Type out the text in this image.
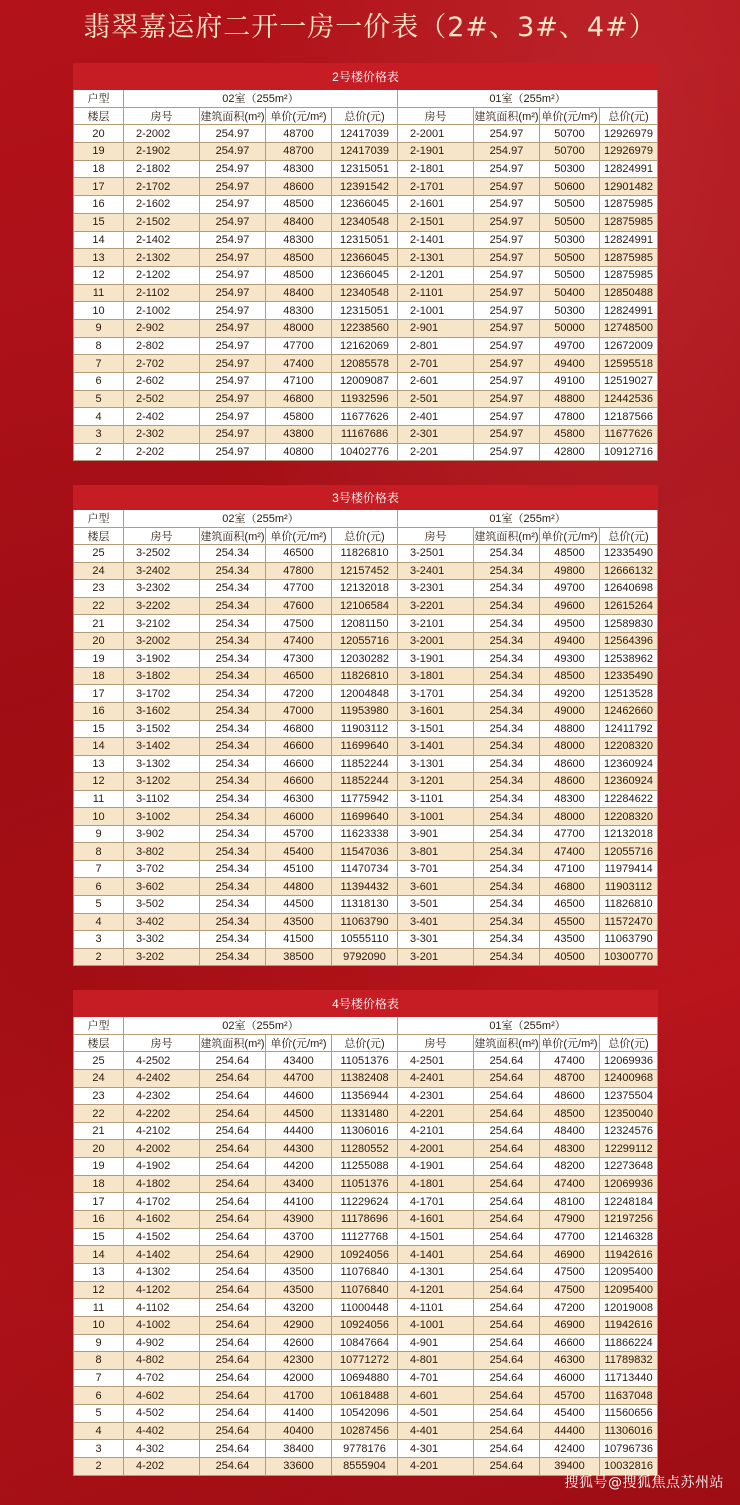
翡翠嘉运府二开一房一价表（2#、3#、4#）
2号楼价格表								
户型	02室（255m²）				01室（255m²）			
楼层	房号	建筑面积(m²)	单价(元/m²)	总价(元)	房号	建筑面积(m²)	单价(元/m²)	总价(元)
20	2-2002	254.97	48700	12417039	2-2001	254.97	50700	12926979
19	2-1902	254.97	48700	12417039	2-1901	254.97	50700	12926979
18	2-1802	254.97	48300	12315051	2-1801	254.97	50300	12824991
17	2-1702	254.97	48600	12391542	2-1701	254.97	50600	12901482
16	2-1602	254.97	48500	12366045	2-1601	254.97	50500	12875985
15	2-1502	254.97	48400	12340548	2-1501	254.97	50500	12875985
14	2-1402	254.97	48300	12315051	2-1401	254.97	50300	12824991
13	2-1302	254.97	48500	12366045	2-1301	254.97	50500	12875985
12	2-1202	254.97	48500	12366045	2-1201	254.97	50500	12875985
11	2-1102	254.97	48400	12340548	2-1101	254.97	50400	12850488
10	2-1002	254.97	48300	12315051	2-1001	254.97	50300	12824991
9	2-902	254.97	48000	12238560	2-901	254.97	50000	12748500
8	2-802	254.97	47700	12162069	2-801	254.97	49700	12672009
7	2-702	254.97	47400	12085578	2-701	254.97	49400	12595518
6	2-602	254.97	47100	12009087	2-601	254.97	49100	12519027
5	2-502	254.97	46800	11932596	2-501	254.97	48800	12442536
4	2-402	254.97	45800	11677626	2-401	254.97	47800	12187566
3	2-302	254.97	43800	11167686	2-301	254.97	45800	11677626
2	2-202	254.97	40800	10402776	2-201	254.97	42800	10912716
3号楼价格表								
户型	02室（255m²）				01室（255m²）			
楼层	房号	建筑面积(m²)	单价(元/m²)	总价(元)	房号	建筑面积(m²)	单价(元/m²)	总价(元)
25	3-2502	254.34	46500	11826810	3-2501	254.34	48500	12335490
24	3-2402	254.34	47800	12157452	3-2401	254.34	49800	12666132
23	3-2302	254.34	47700	12132018	3-2301	254.34	49700	12640698
22	3-2202	254.34	47600	12106584	3-2201	254.34	49600	12615264
21	3-2102	254.34	47500	12081150	3-2101	254.34	49500	12589830
20	3-2002	254.34	47400	12055716	3-2001	254.34	49400	12564396
19	3-1902	254.34	47300	12030282	3-1901	254.34	49300	12538962
18	3-1802	254.34	46500	11826810	3-1801	254.34	48500	12335490
17	3-1702	254.34	47200	12004848	3-1701	254.34	49200	12513528
16	3-1602	254.34	47000	11953980	3-1601	254.34	49000	12462660
15	3-1502	254.34	46800	11903112	3-1501	254.34	48800	12411792
14	3-1402	254.34	46600	11699640	3-1401	254.34	48000	12208320
13	3-1302	254.34	46600	11852244	3-1301	254.34	48600	12360924
12	3-1202	254.34	46600	11852244	3-1201	254.34	48600	12360924
11	3-1102	254.34	46300	11775942	3-1101	254.34	48300	12284622
10	3-1002	254.34	46000	11699640	3-1001	254.34	48000	12208320
9	3-902	254.34	45700	11623338	3-901	254.34	47700	12132018
8	3-802	254.34	45400	11547036	3-801	254.34	47400	12055716
7	3-702	254.34	45100	11470734	3-701	254.34	47100	11979414
6	3-602	254.34	44800	11394432	3-601	254.34	46800	11903112
5	3-502	254.34	44500	11318130	3-501	254.34	46500	11826810
4	3-402	254.34	43500	11063790	3-401	254.34	45500	11572470
3	3-302	254.34	41500	10555110	3-301	254.34	43500	11063790
2	3-202	254.34	38500	9792090	3-201	254.34	40500	10300770
4号楼价格表								
户型	02室（255m²）				01室（255m²）			
楼层	房号	建筑面积(m²)	单价(元/m²)	总价(元)	房号	建筑面积(m²)	单价(元/m²)	总价(元)
25	4-2502	254.64	43400	11051376	4-2501	254.64	47400	12069936
24	4-2402	254.64	44700	11382408	4-2401	254.64	48700	12400968
23	4-2302	254.64	44600	11356944	4-2301	254.64	48600	12375504
22	4-2202	254.64	44500	11331480	4-2201	254.64	48500	12350040
21	4-2102	254.64	44400	11306016	4-2101	254.64	48400	12324576
20	4-2002	254.64	44300	11280552	4-2001	254.64	48300	12299112
19	4-1902	254.64	44200	11255088	4-1901	254.64	48200	12273648
18	4-1802	254.64	43400	11051376	4-1801	254.64	47400	12069936
17	4-1702	254.64	44100	11229624	4-1701	254.64	48100	12248184
16	4-1602	254.64	43900	11178696	4-1601	254.64	47900	12197256
15	4-1502	254.64	43700	11127768	4-1501	254.64	47700	12146328
14	4-1402	254.64	42900	10924056	4-1401	254.64	46900	11942616
13	4-1302	254.64	43500	11076840	4-1301	254.64	47500	12095400
12	4-1202	254.64	43500	11076840	4-1201	254.64	47500	12095400
11	4-1102	254.64	43200	11000448	4-1101	254.64	47200	12019008
10	4-1002	254.64	42900	10924056	4-1001	254.64	46900	11942616
9	4-902	254.64	42600	10847664	4-901	254.64	46600	11866224
8	4-802	254.64	42300	10771272	4-801	254.64	46300	11789832
7	4-702	254.64	42000	10694880	4-701	254.64	46000	11713440
6	4-602	254.64	41700	10618488	4-601	254.64	45700	11637048
5	4-502	254.64	41400	10542096	4-501	254.64	45400	11560656
4	4-402	254.64	40400	10287456	4-401	254.64	44400	11306016
3	4-302	254.64	38400	9778176	4-301	254.64	42400	10796736
2	4-202	254.64	33600	8555904	4-201	254.64	39400	10032816
搜狐号@搜狐焦点苏州站
